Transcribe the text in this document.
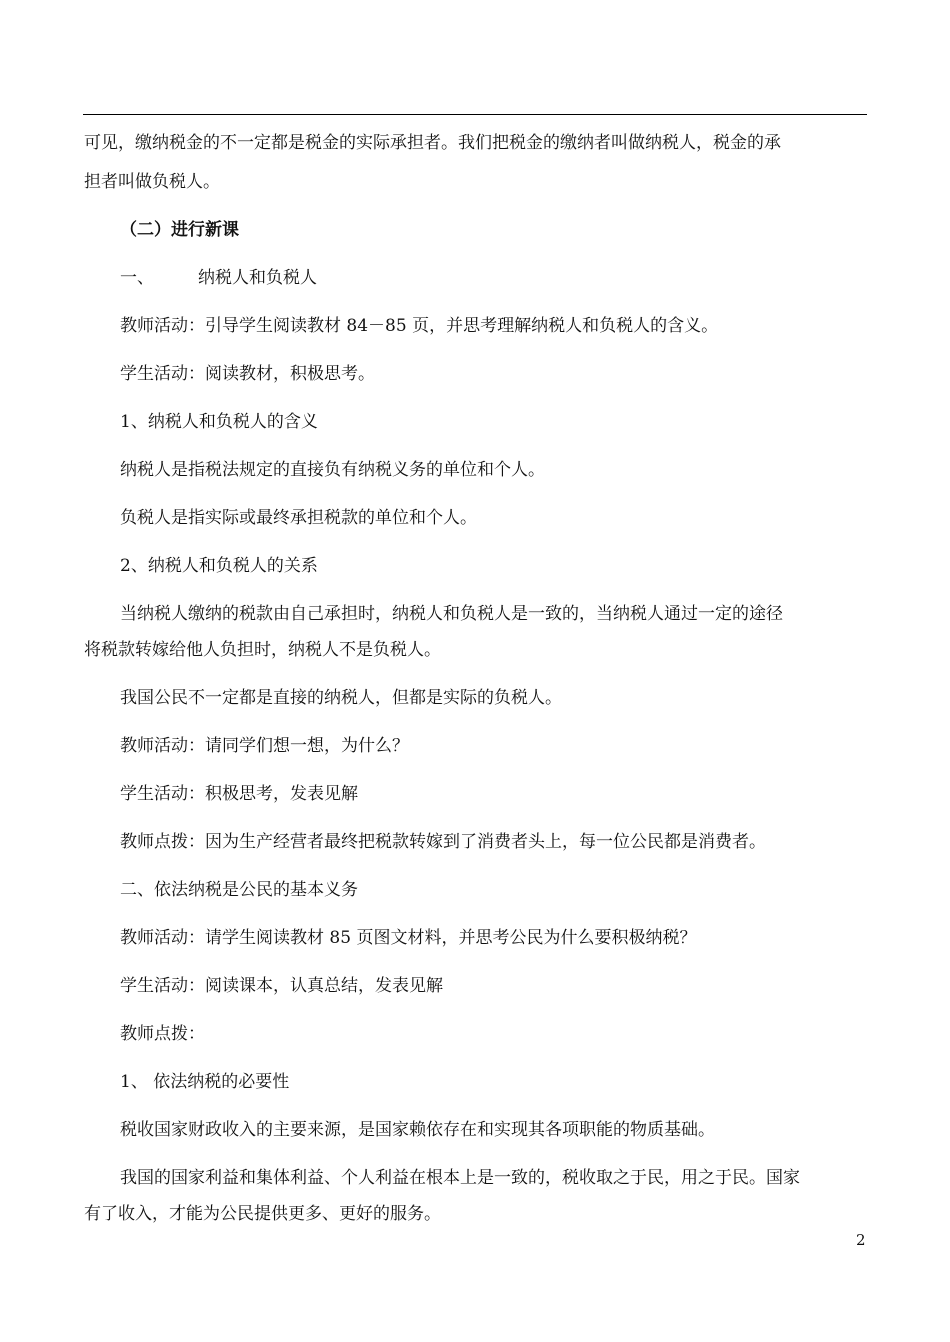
可见，缴纳税金的不一定都是税金的实际承担者。我们把税金的缴纳者叫做纳税人，税金的承
担者叫做负税人。
（二）进行新课
一、	纳税人和负税人
教师活动：引导学生阅读教材 84－85 页，并思考理解纳税人和负税人的含义。
学生活动：阅读教材，积极思考。
1、纳税人和负税人的含义
纳税人是指税法规定的直接负有纳税义务的单位和个人。
负税人是指实际或最终承担税款的单位和个人。
2、纳税人和负税人的关系
当纳税人缴纳的税款由自己承担时，纳税人和负税人是一致的，当纳税人通过一定的途径
将税款转嫁给他人负担时，纳税人不是负税人。
我国公民不一定都是直接的纳税人，但都是实际的负税人。
教师活动：请同学们想一想，为什么？
学生活动：积极思考，发表见解
教师点拨：因为生产经营者最终把税款转嫁到了消费者头上，每一位公民都是消费者。
二、依法纳税是公民的基本义务
教师活动：请学生阅读教材 85 页图文材料，并思考公民为什么要积极纳税？
学生活动：阅读课本，认真总结，发表见解
教师点拨：
1、 依法纳税的必要性
税收国家财政收入的主要来源，是国家赖依存在和实现其各项职能的物质基础。
我国的国家利益和集体利益、个人利益在根本上是一致的，税收取之于民，用之于民。国家
有了收入，才能为公民提供更多、更好的服务。
2
